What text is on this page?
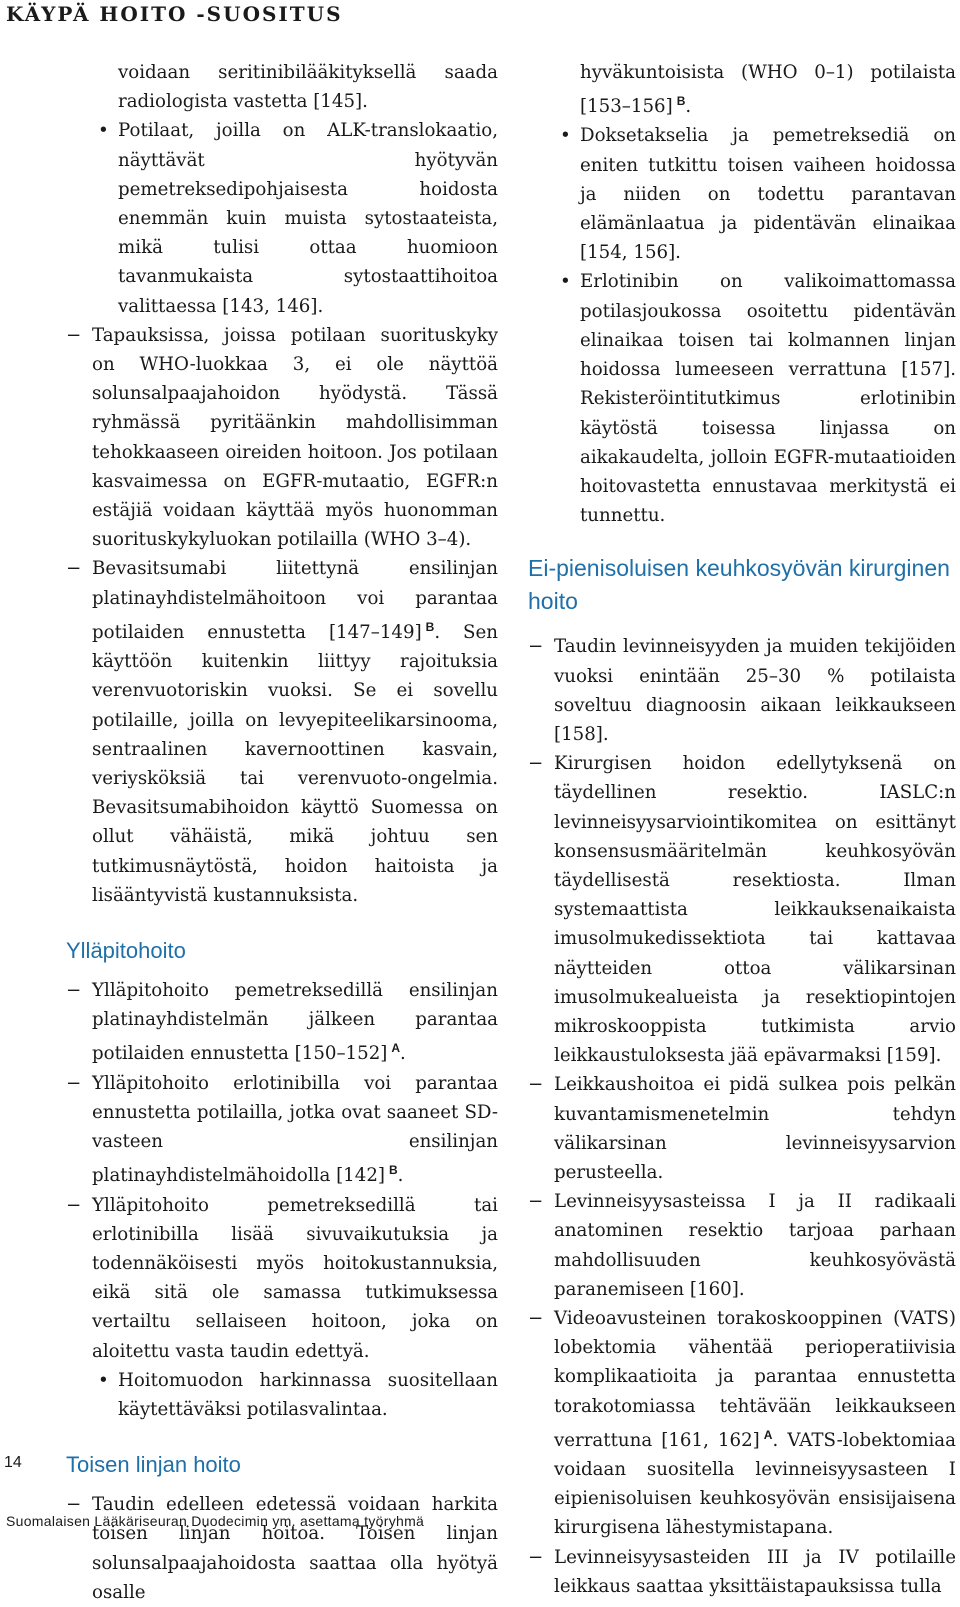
KÄYPÄ HOITO -SUOSITUS

voidaan seritinibilääkityksellä saada radiologista vastetta [145].

• Potilaat, joilla on ALK-translokaatio, näyttävät hyötyvän pemetreksedipohjaisesta hoidosta enemmän kuin muista sytostaateista, mikä tulisi ottaa huomioon tavanmukaista sytostaattihoitoa valittaessa [143, 146].

− Tapauksissa, joissa potilaan suorituskyky on WHO-luokkaa 3, ei ole näyttöä solunsalpaajahoidon hyödystä. Tässä ryhmässä pyritäänkin mahdollisimman tehokkaaseen oireiden hoitoon. Jos potilaan kasvaimessa on EGFR-mutaatio, EGFR:n estäjiä voidaan käyttää myös huonomman suorituskykyluokan potilailla (WHO 3–4).

− Bevasitsumabi liitettynä ensilinjan platinayhdistelmähoitoon voi parantaa potilaiden ennustetta [147–149] $^B$. Sen käyttöön kuitenkin liittyy rajoituksia verenvuotoriskin vuoksi. Se ei sovellu potilaille, joilla on levyepiteelikarsinooma, sentraalinen kavernoottinen kasvain, veriysköksiä tai verenvuoto-ongelmia. Bevasitsumabihoidon käyttö Suomessa on ollut vähäistä, mikä johtuu sen tutkimusnäytöstä, hoidon haitoista ja lisääntyvistä kustannuksista.

Ylläpitohoito

− Ylläpitohoito pemetreksedillä ensilinjan platinayhdistelmän jälkeen parantaa potilaiden ennustetta [150–152] $^A$.

− Ylläpitohoito erlotinibilla voi parantaa ennustetta potilailla, jotka ovat saaneet SD-vasteen ensilinjan platinayhdistelmähoidolla [142] $^B$.

− Ylläpitohoito pemetreksedillä tai erlotinibilla lisää sivuvaikutuksia ja todennäköisesti myös hoitokustannuksia, eikä sitä ole samassa tutkimuksessa vertailtu sellaiseen hoitoon, joka on aloitettu vasta taudin edettyä.

• Hoitomuodon harkinnassa suositellaan käytettäväksi potilasvalintaa.

Toisen linjan hoito

− Taudin edelleen edetessä voidaan harkita toisen linjan hoitoa. Toisen linjan solunsalpaajahoidosta saattaa olla hyötyä osalle

hyväkuntoisista (WHO 0–1) potilaista [153–156] $^B$.

• Doksetakselia ja pemetreksediä on eniten tutkittu toisen vaiheen hoidossa ja niiden on todettu parantavan elämänlaatua ja pidentävän elinaikaa [154, 156].

• Erlotinibin on valikoimattomassa potilasjoukossa osoitettu pidentävän elinaikaa toisen tai kolmannen linjan hoidossa lumeeseen verrattuna [157]. Rekisteröintitutkimus erlotinibin käytöstä toisessa linjassa on aikakaudelta, jolloin EGFR-mutaatioiden hoitovastetta ennustavaa merkitystä ei tunnettu.

Ei-pienisoluisen keuhkosyövän kirurginen hoito

− Taudin levinneisyyden ja muiden tekijöiden vuoksi enintään 25–30 % potilaista soveltuu diagnoosin aikaan leikkaukseen [158].

− Kirurgisen hoidon edellytyksenä on täydellinen resektio. IASLC:n levinneisyysarviointikomitea on esittänyt konsensusmääritelmän keuhkosyövän täydellisestä resektiosta. Ilman systemaattista leikkauksenaikaista imusolmukedissektiota tai kattavaa näytteiden ottoa välikarsinan imusolmukealueista ja resektiopintojen mikroskooppista tutkimista arvio leikkaustuloksesta jää epävarmaksi [159].

− Leikkaushoitoa ei pidä sulkea pois pelkän kuvantamismenetelmin tehdyn välikarsinan levinneisyysarvion perusteella.

− Levinneisyysasteissa I ja II radikaali anatominen resektio tarjoaa parhaan mahdollisuuden keuhkosyövästä paranemiseen [160].

− Videoavusteinen torakoskooppinen (VATS) lobektomia vähentää perioperatiivisia komplikaatioita ja parantaa ennustetta torakotomiassa tehtävään leikkaukseen verrattuna [161, 162] $^A$. VATS-lobektomiaa voidaan suositella levinneisyysasteen I eipienisoluisen keuhkosyövän ensisijaisena kirurgisena lähestymistapana.

− Levinneisyysasteiden III ja IV potilaille leikkaus saattaa yksittäistapauksissa tulla

14
Suomalaisen Lääkäriseuran Duodecimin ym. asettama työryhmä
